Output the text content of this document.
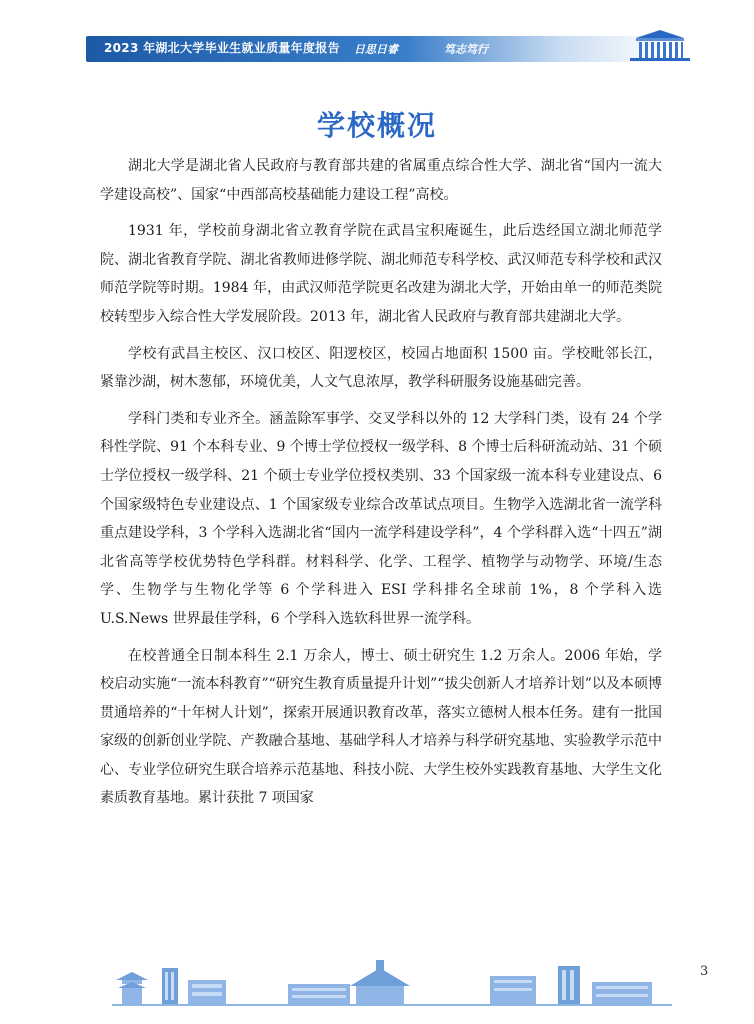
2023 年湖北大学毕业生就业质量年度报告 日思日睿	笃志笃行
学校概况

湖北大学是湖北省人民政府与教育部共建的省属重点综合性大学、湖北省“国内一流大学建设高校”、国家“中西部高校基础能力建设工程”高校。

1931 年，学校前身湖北省立教育学院在武昌宝积庵诞生，此后迭经国立湖北师范学院、湖北省教育学院、湖北省教师进修学院、湖北师范专科学校、武汉师范专科学校和武汉师范学院等时期。1984 年，由武汉师范学院更名改建为湖北大学，开始由单一的师范类院校转型步入综合性大学发展阶段。2013 年，湖北省人民政府与教育部共建湖北大学。

学校有武昌主校区、汉口校区、阳逻校区，校园占地面积 1500 亩。学校毗邻长江，紧靠沙湖，树木葱郁，环境优美，人文气息浓厚，教学科研服务设施基础完善。

学科门类和专业齐全。涵盖除军事学、交叉学科以外的 12 大学科门类，设有 24 个学科性学院、91 个本科专业、9 个博士学位授权一级学科、8 个博士后科研流动站、31 个硕士学位授权一级学科、21 个硕士专业学位授权类别、33 个国家级一流本科专业建设点、6 个国家级特色专业建设点、1 个国家级专业综合改革试点项目。生物学入选湖北省一流学科重点建设学科，3 个学科入选湖北省“国内一流学科建设学科”，4 个学科群入选“十四五”湖北省高等学校优势特色学科群。材料科学、化学、工程学、植物学与动物学、环境/生态学、生物学与生物化学等 6 个学科进入 ESI 学科排名全球前 1%，8 个学科入选 U.S.News 世界最佳学科，6 个学科入选软科世界一流学科。

在校普通全日制本科生 2.1 万余人，博士、硕士研究生 1.2 万余人。2006 年始，学校启动实施“一流本科教育”“研究生教育质量提升计划”“拔尖创新人才培养计划”以及本硕博贯通培养的“十年树人计划”，探索开展通识教育改革，落实立德树人根本任务。建有一批国家级的创新创业学院、产教融合基地、基础学科人才培养与科学研究基地、实验教学示范中心、专业学位研究生联合培养示范基地、科技小院、大学生校外实践教育基地、大学生文化素质教育基地。累计获批 7 项国家

3
